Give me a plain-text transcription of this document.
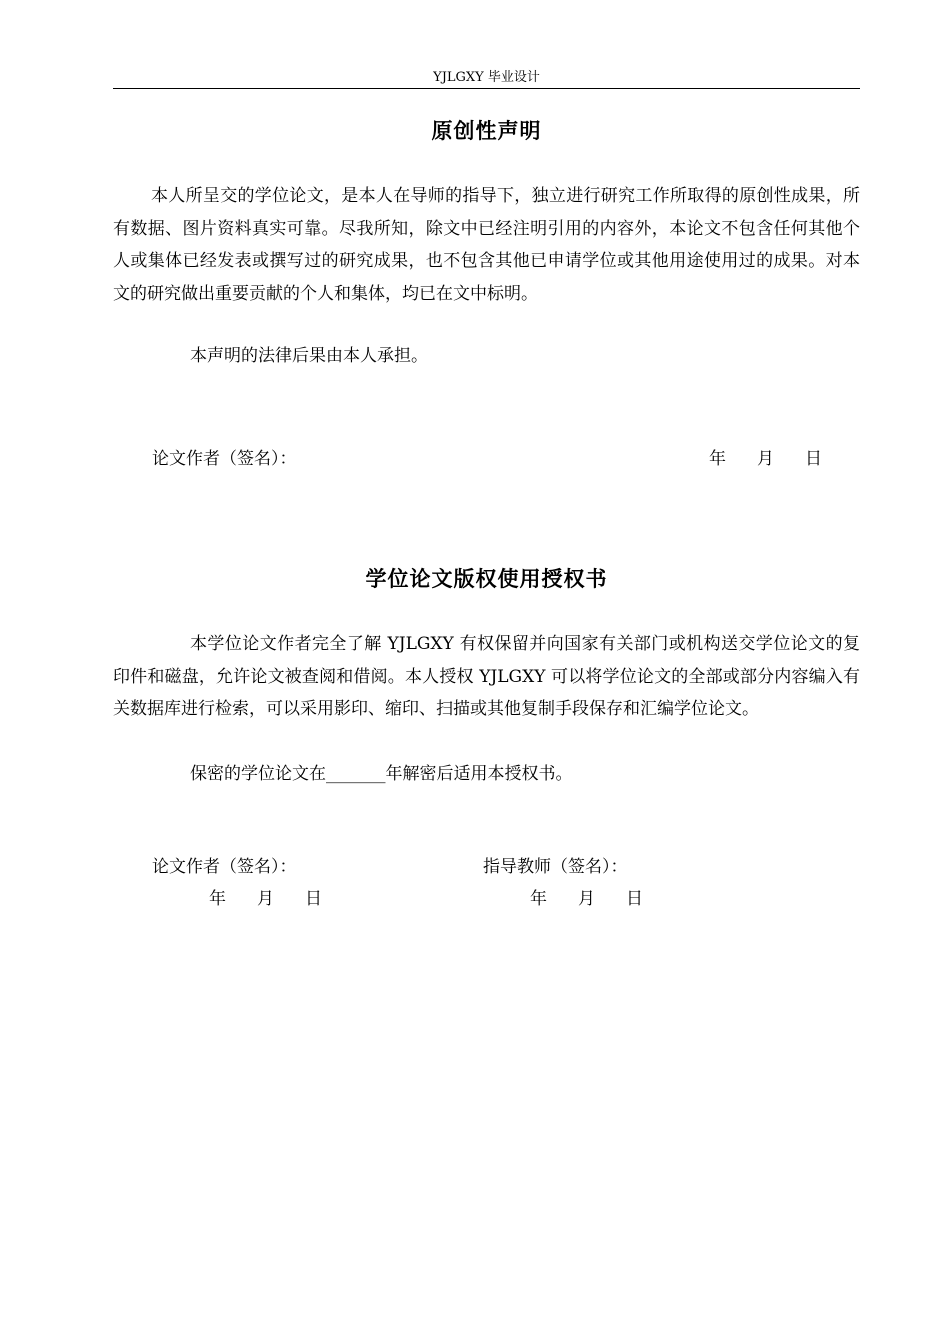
YJLGXY 毕业设计
原创性声明

本人所呈交的学位论文，是本人在导师的指导下，独立进行研究工作所取得的原创性成果，所有数据、图片资料真实可靠。尽我所知，除文中已经注明引用的内容外，本论文不包含任何其他个人或集体已经发表或撰写过的研究成果，也不包含其他已申请学位或其他用途使用过的成果。对本文的研究做出重要贡献的个人和集体，均已在文中标明。

本声明的法律后果由本人承担。

论文作者（签名）：	年 月 日
学位论文版权使用授权书

本学位论文作者完全了解 YJLGXY 有权保留并向国家有关部门或机构送交学位论文的复印件和磁盘，允许论文被查阅和借阅。本人授权 YJLGXY 可以将学位论文的全部或部分内容编入有关数据库进行检索，可以采用影印、缩印、扫描或其他复制手段保存和汇编学位论文。

保密的学位论文在_______年解密后适用本授权书。

论文作者（签名）：	指导教师（签名）：
年 月 日	年 月 日
